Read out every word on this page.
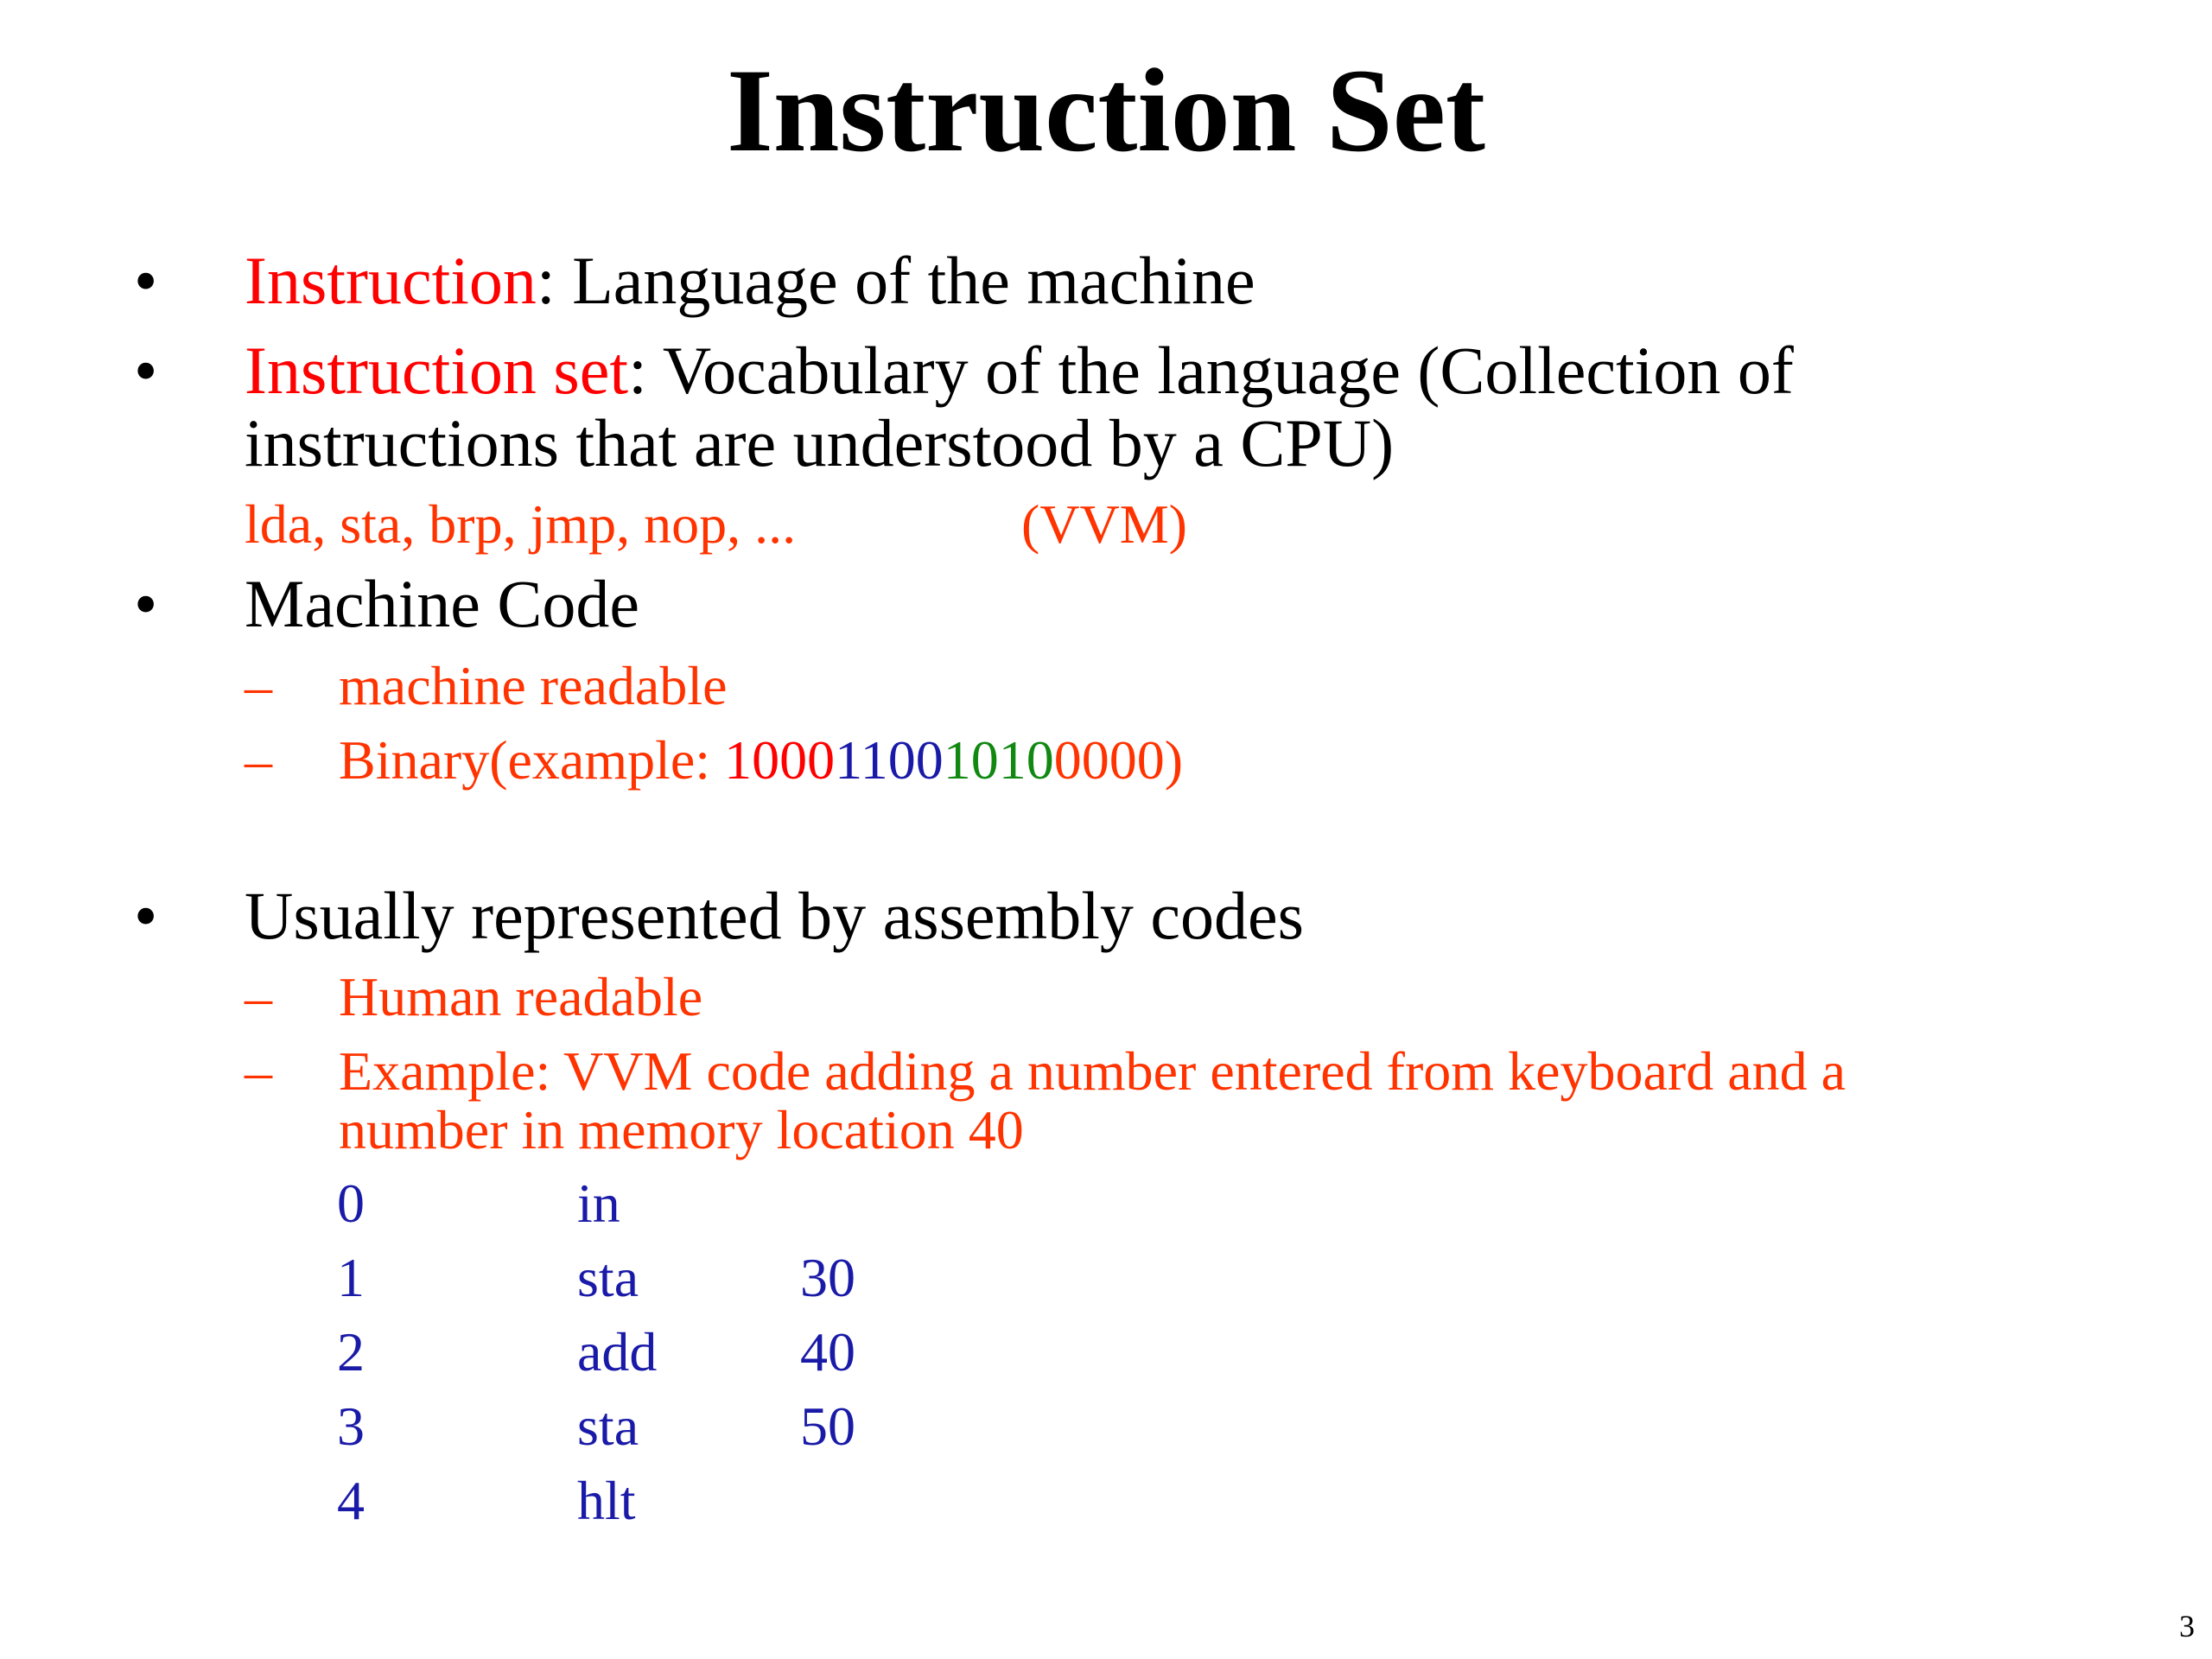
Instruction Set
• Instruction: Language of the machine
• Instruction set: Vocabulary of the language (Collection of
instructions that are understood by a CPU)
lda, sta, brp, jmp, nop, ...	(VVM)
• Machine Code
– machine readable
– Binary(example: 1000110010100000)
• Usually represented by assembly codes
– Human readable
– Example: VVM code adding a number entered from keyboard and a
number in memory location 40
0	in
1	sta	30
2	add	40
3	sta	50
4	hlt
3
